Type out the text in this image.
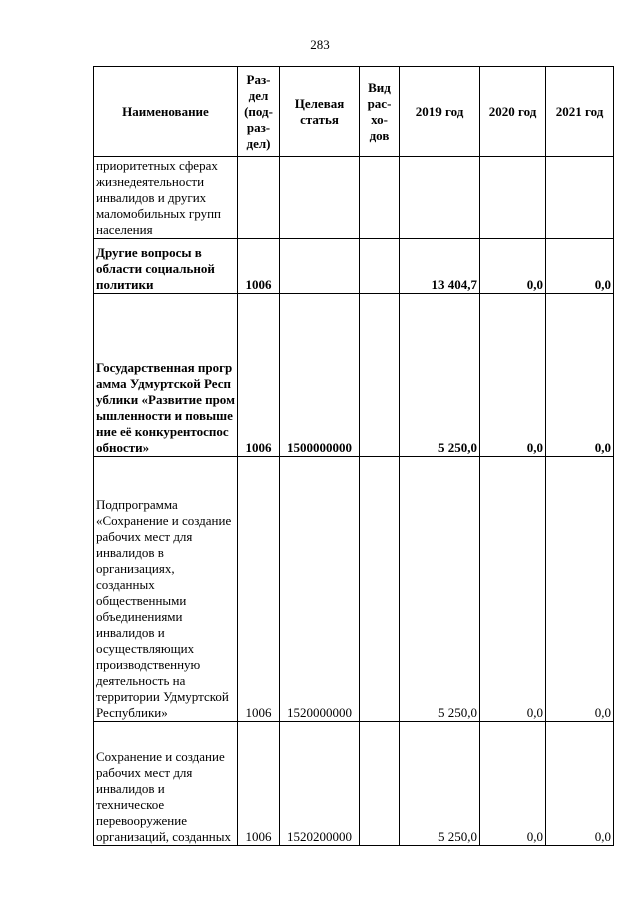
283
Наименование	Раз-
дел
(под-
раз-
дел)	Целевая
статья	Вид
рас-
хо-
дов	2019 год	2020 год	2021 год
приоритетных сферах жизнедеятельности инвалидов и других маломобильных групп населения						
Другие вопросы в области социальной политики	1006			13 404,7	0,0	0,0
Государственная программа Удмуртской Республики «Развитие промышленности и повышение её конкурентоспособности»	1006	1500000000		5 250,0	0,0	0,0
Подпрограмма «Сохранение и создание рабочих мест для инвалидов в организациях, созданных общественными объединениями инвалидов и осуществляющих производственную деятельность на территории Удмуртской Республики»	1006	1520000000		5 250,0	0,0	0,0
Сохранение и создание рабочих мест для инвалидов и техническое перевооружение организаций, созданных	1006	1520200000		5 250,0	0,0	0,0
